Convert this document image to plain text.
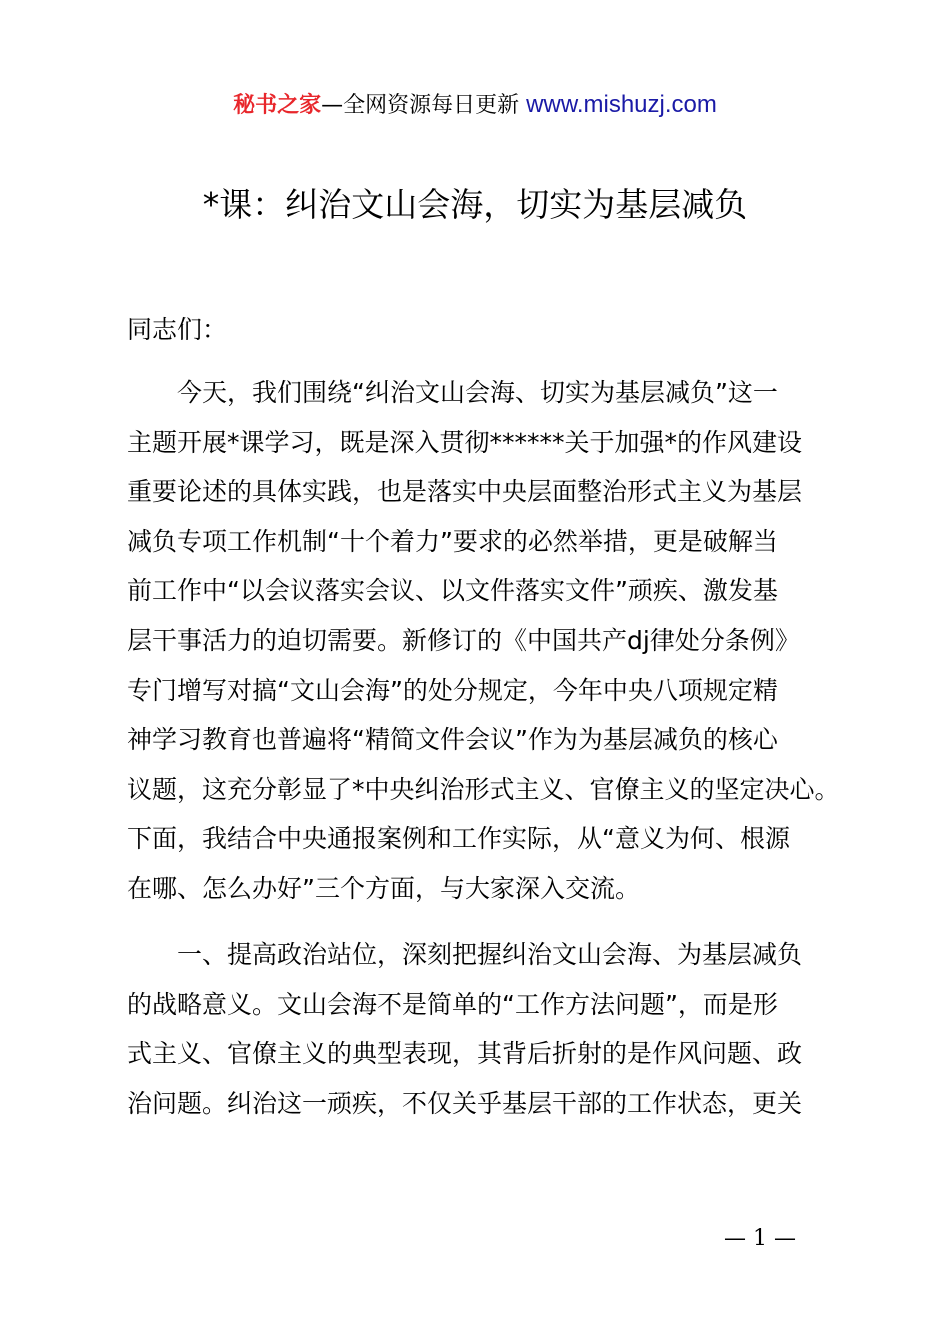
秘书之家—全网资源每日更新 www.mishuzj.com
*课：纠治文山会海，切实为基层减负

同志们：

今天，我们围绕“纠治文山会海、切实为基层减负”这一
主题开展*课学习，既是深入贯彻******关于加强*的作风建设
重要论述的具体实践，也是落实中央层面整治形式主义为基层
减负专项工作机制“十个着力”要求的必然举措，更是破解当
前工作中“以会议落实会议、以文件落实文件”顽疾、激发基
层干事活力的迫切需要。新修订的《中国共产dj律处分条例》
专门增写对搞“文山会海”的处分规定，今年中央八项规定精
神学习教育也普遍将“精简文件会议”作为为基层减负的核心
议题，这充分彰显了*中央纠治形式主义、官僚主义的坚定决心。
下面，我结合中央通报案例和工作实际，从“意义为何、根源
在哪、怎么办好”三个方面，与大家深入交流。
一、提高政治站位，深刻把握纠治文山会海、为基层减负
的战略意义。文山会海不是简单的“工作方法问题”，而是形
式主义、官僚主义的典型表现，其背后折射的是作风问题、政
治问题。纠治这一顽疾，不仅关乎基层干部的工作状态，更关
— 1 —
